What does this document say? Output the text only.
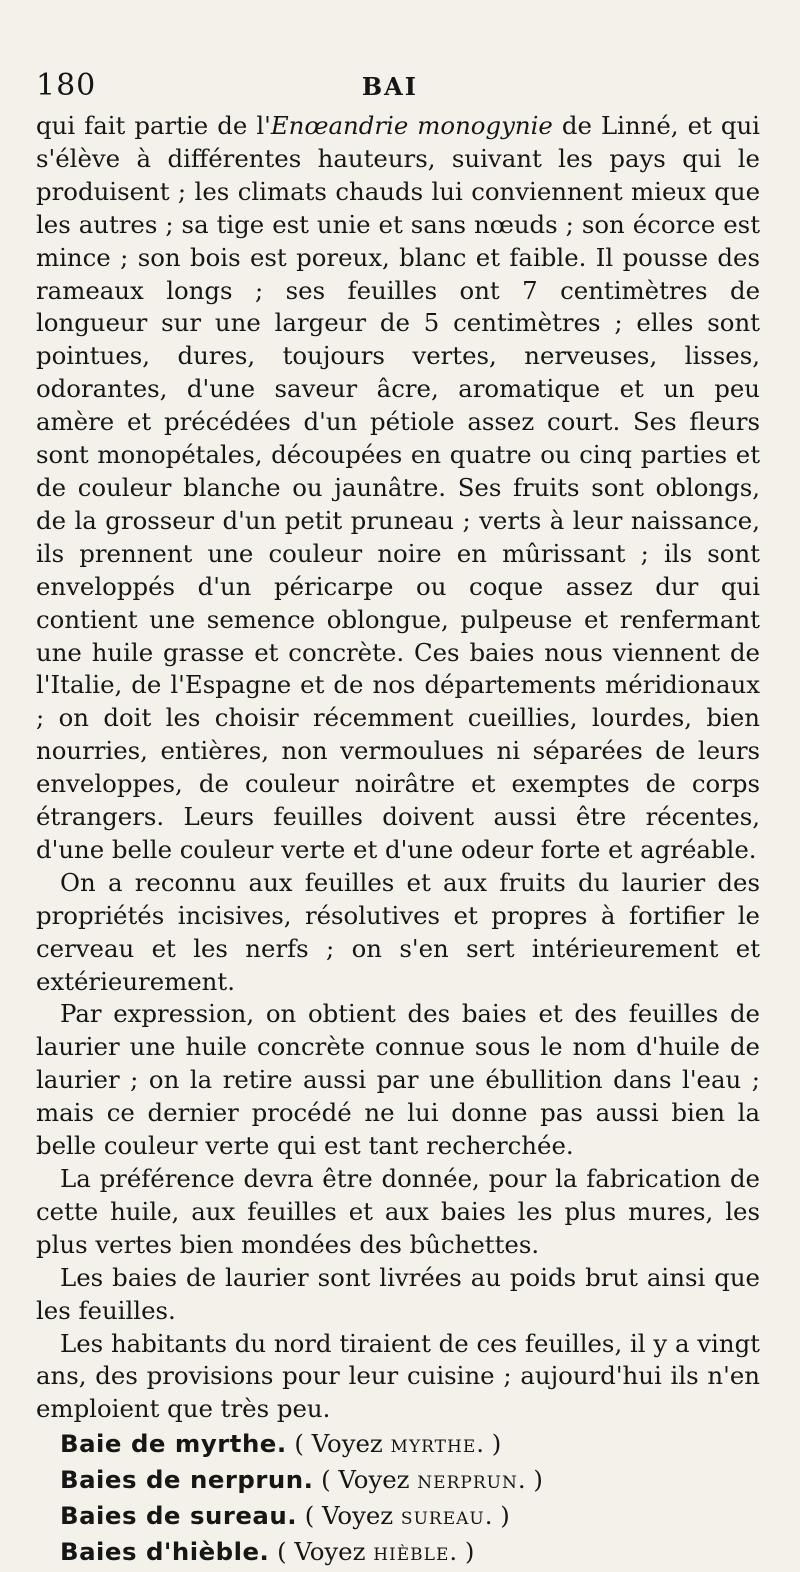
180	BAI

qui fait partie de l'Enœandrie monogynie de Linné, et qui s'élève à différentes hauteurs, suivant les pays qui le produisent ; les climats chauds lui conviennent mieux que les autres ; sa tige est unie et sans nœuds ; son écorce est mince ; son bois est poreux, blanc et faible. Il pousse des rameaux longs ; ses feuilles ont 7 centimètres de longueur sur une largeur de 5 centimètres ; elles sont pointues, dures, toujours vertes, nerveuses, lisses, odorantes, d'une saveur âcre, aromatique et un peu amère et précédées d'un pétiole assez court. Ses fleurs sont monopétales, découpées en quatre ou cinq parties et de couleur blanche ou jaunâtre. Ses fruits sont oblongs, de la grosseur d'un petit pruneau ; verts à leur naissance, ils prennent une couleur noire en mûrissant ; ils sont enveloppés d'un péricarpe ou coque assez dur qui contient une semence oblongue, pulpeuse et renfermant une huile grasse et concrète. Ces baies nous viennent de l'Italie, de l'Espagne et de nos départements méridionaux ; on doit les choisir récemment cueillies, lourdes, bien nourries, entières, non vermoulues ni séparées de leurs enveloppes, de couleur noirâtre et exemptes de corps étrangers. Leurs feuilles doivent aussi être récentes, d'une belle couleur verte et d'une odeur forte et agréable.

On a reconnu aux feuilles et aux fruits du laurier des propriétés incisives, résolutives et propres à fortifier le cerveau et les nerfs ; on s'en sert intérieurement et extérieurement.

Par expression, on obtient des baies et des feuilles de laurier une huile concrète connue sous le nom d'huile de laurier ; on la retire aussi par une ébullition dans l'eau ; mais ce dernier procédé ne lui donne pas aussi bien la belle couleur verte qui est tant recherchée.

La préférence devra être donnée, pour la fabrication de cette huile, aux feuilles et aux baies les plus mures, les plus vertes bien mondées des bûchettes.

Les baies de laurier sont livrées au poids brut ainsi que les feuilles.

Les habitants du nord tiraient de ces feuilles, il y a vingt ans, des provisions pour leur cuisine ; aujourd'hui ils n'en emploient que très peu.

Baie de myrthe. ( Voyez MYRTHE. )
Baies de nerprun. ( Voyez NERPRUN. )
Baies de sureau. ( Voyez SUREAU. )
Baies d'hièble. ( Voyez HIÈBLE. )
